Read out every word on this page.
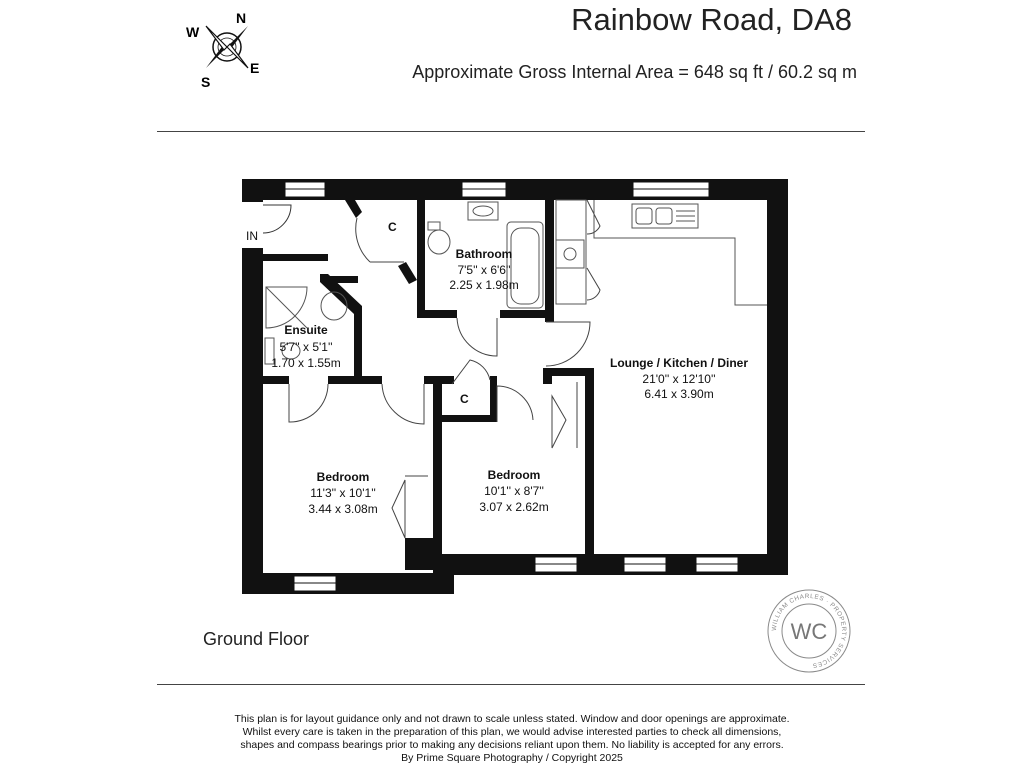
Rainbow Road, DA8
Approximate Gross Internal Area = 648 sq ft / 60.2 sq m
N
W
E
S
IN
C
C
Bathroom
7'5'' x 6'6''
2.25 x 1.98m
Ensuite
5'7'' x 5'1''
1.70 x 1.55m	Lounge / Kitchen / Diner
21'0'' x 12'10''
6.41 x 3.90m
Bedroom
11'3'' x 10'1''
3.44 x 3.08m
Bedroom
10'1'' x 8'7''
3.07 x 2.62m
Ground Floor
WILLIAM CHARLES · PROPERTY SERVICES
WC
This plan is for layout guidance only and not drawn to scale unless stated. Window and door openings are approximate.
Whilst every care is taken in the preparation of this plan, we would advise interested parties to check all dimensions,
shapes and compass bearings prior to making any decisions reliant upon them. No liability is accepted for any errors.
By Prime Square Photography / Copyright 2025
